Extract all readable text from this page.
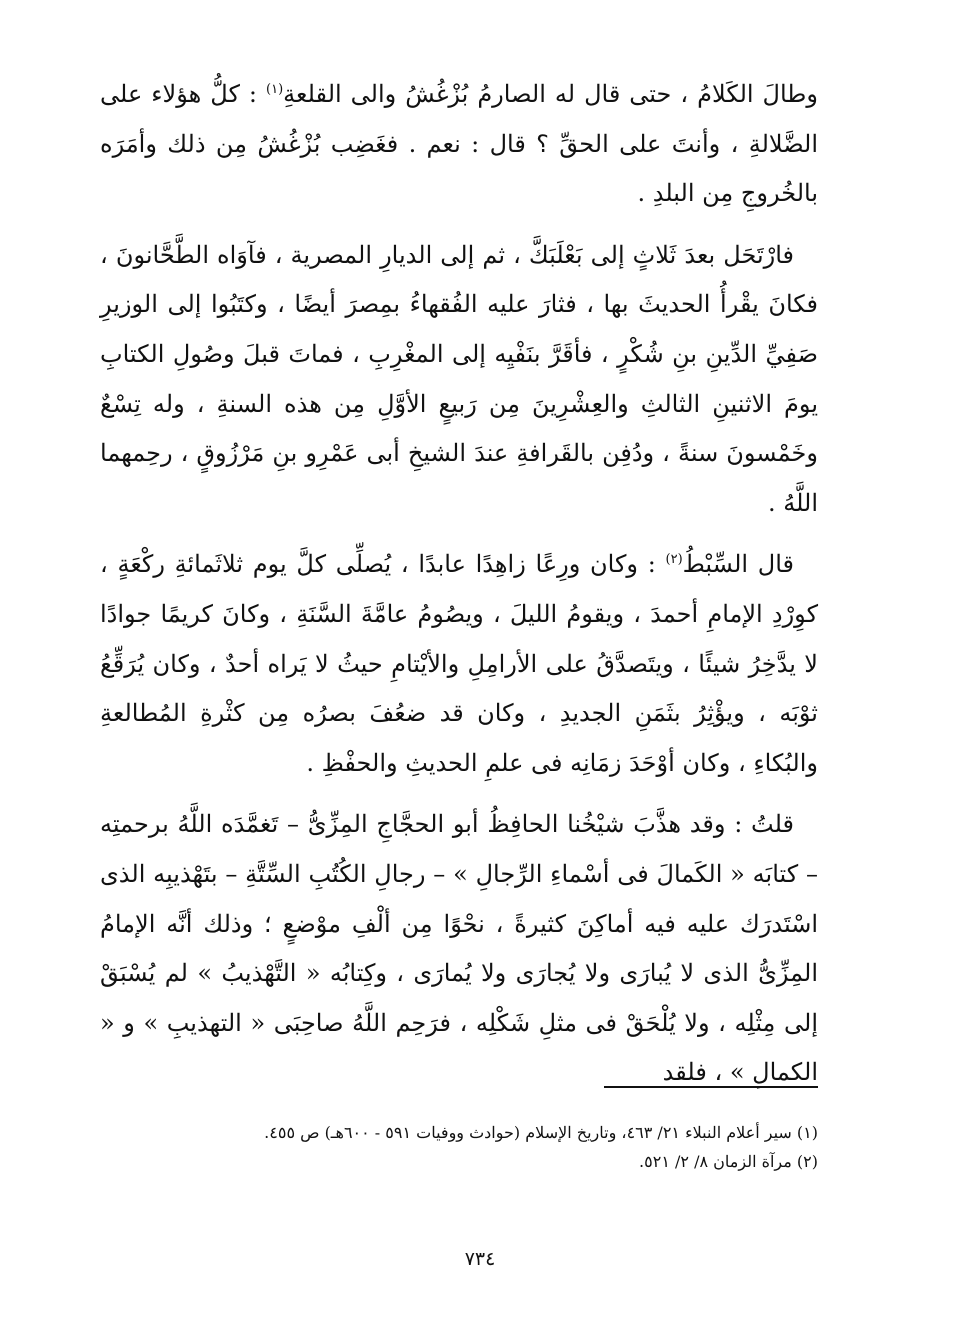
وطالَ الكَلامُ ، حتى قال له الصارمُ بُزْغُشُ والى القلعةِ$^{(١)}$ : كلُّ هؤلاء على الضَّلالةِ ، وأنتَ على الحقِّ ؟ قال : نعم . فغَضِب بُزْغُشُ مِن ذلك وأمَرَه بالخُروجِ مِن البلدِ .

فارْتَحَل بعدَ ثَلاثٍ إلى بَعْلَبَكَّ ، ثم إلى الديارِ المصرية ، فآوَاه الطَّحَّانونَ ، فكانَ يقْرأُ الحديثَ بها ، فثارَ عليه الفُقهاءُ بمِصرَ أيضًا ، وكتَبُوا إلى الوزيرِ صَفِيِّ الدِّينِ بنِ شُكْرٍ ، فأقَرَّ بنَفْيِه إلى المغْرِبِ ، فماتَ قبلَ وصُولِ الكتابِ يومَ الاثنينِ الثالثِ والعِشْرِينَ مِن رَبيعٍ الأوَّلِ مِن هذه السنةِ ، وله تِسْعٌ وخَمْسونَ سنةً ، ودُفِن بالقَرافةِ عندَ الشيخِ أبى عَمْرِو بنِ مَرْزُوقٍ ، رحِمهما اللَّهُ .

قال السِّبْطُ$^{(٢)}$ : وكان ورِعًا زاهِدًا عابدًا ، يُصلِّى كلَّ يوم ثلاثَمائةِ ركْعَةٍ ، كوِرْدِ الإمامِ أحمدَ ، ويقومُ الليلَ ، ويصُومُ عامَّةَ السَّنَةِ ، وكانَ كريمًا جوادًا لا يدَّخِرُ شيئًا ، ويتَصدَّقُ على الأرامِلِ والأيْتامِ حيثُ لا يَراه أحدٌ ، وكان يُرَقِّعُ ثوْبَه ، ويؤْثِرُ بثَمَنِ الجديدِ ، وكان قد ضعُفَ بصرُه مِن كثْرةِ المُطالعةِ والبُكاءِ ، وكان أوْحَدَ زمَانِه فى علمِ الحديثِ والحفْظِ .

قلتُ : وقد هذَّبَ شيْخُنا الحافِظُ أبو الحجَّاجِ المِزِّىُّ – تَغمَّدَه اللَّهُ برحمتِه – كتابَه « الكَمالَ فى أسْماءِ الرِّجالِ » – رجالِ الكُتُبِ السِّتَّةِ – بتَهْذيبِه الذى اسْتَدرَك عليه فيه أماكِنَ كثيرةً ، نحْوًا مِن ألْفِ موْضعٍ ؛ وذلك أنَّه الإمامُ المِزِّىُّ الذى لا يُبارَى ولا يُجارَى ولا يُمارَى ، وكِتابُه « التَّهْذيبُ » لم يُسْبَقْ إلى مِثْلِه ، ولا يُلْحَقْ فى مثلِ شَكْلِه ، فرَحِم اللَّهُ صاحِبَى « التهذيبِ » و « الكمالِ » ، فلقد

(١) سير أعلام النبلاء ٢١/ ٤٦٣، وتاريخ الإسلام (حوادث ووفيات ٥٩١ - ٦٠٠هـ) ص ٤٥٥.

(٢) مرآة الزمان ٨/ ٢/ ٥٢١.

٧٣٤
